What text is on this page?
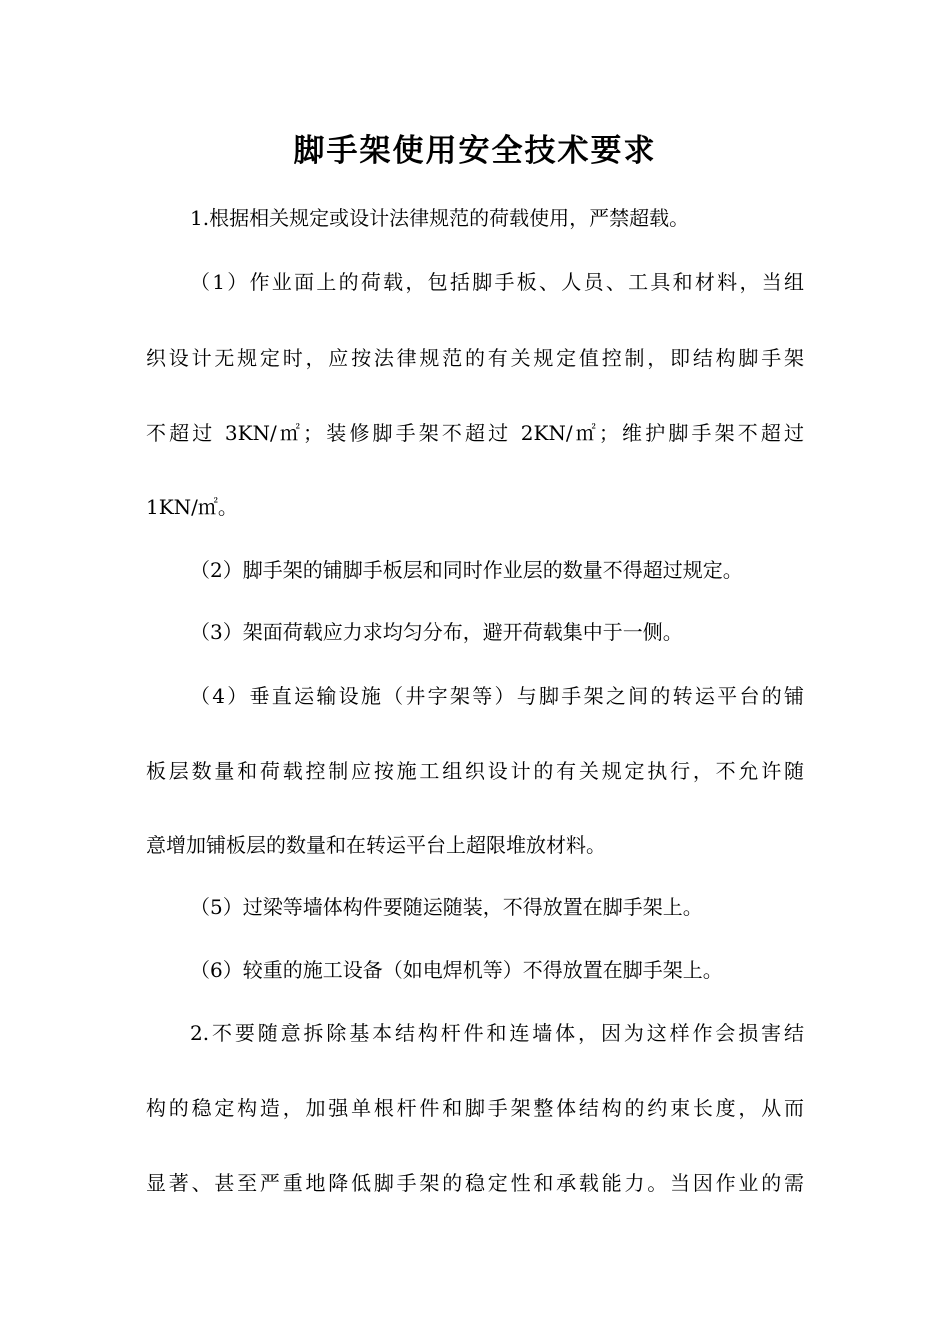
脚手架使用安全技术要求

1.根据相关规定或设计法律规范的荷载使用，严禁超载。

（1）作业面上的荷载，包括脚手板、人员、工具和材料，当组

织设计无规定时，应按法律规范的有关规定值控制，即结构脚手架

不超过 3KN/㎡；装修脚手架不超过 2KN/㎡；维护脚手架不超过

1KN/㎡。

（2）脚手架的铺脚手板层和同时作业层的数量不得超过规定。

（3）架面荷载应力求均匀分布，避开荷载集中于一侧。

（4）垂直运输设施（井字架等）与脚手架之间的转运平台的铺

板层数量和荷载控制应按施工组织设计的有关规定执行，不允许随

意增加铺板层的数量和在转运平台上超限堆放材料。

（5）过梁等墙体构件要随运随装，不得放置在脚手架上。

（6）较重的施工设备（如电焊机等）不得放置在脚手架上。

2.不要随意拆除基本结构杆件和连墙体，因为这样作会损害结

构的稳定构造，加强单根杆件和脚手架整体结构的约束长度，从而

显著、甚至严重地降低脚手架的稳定性和承载能力。当因作业的需
